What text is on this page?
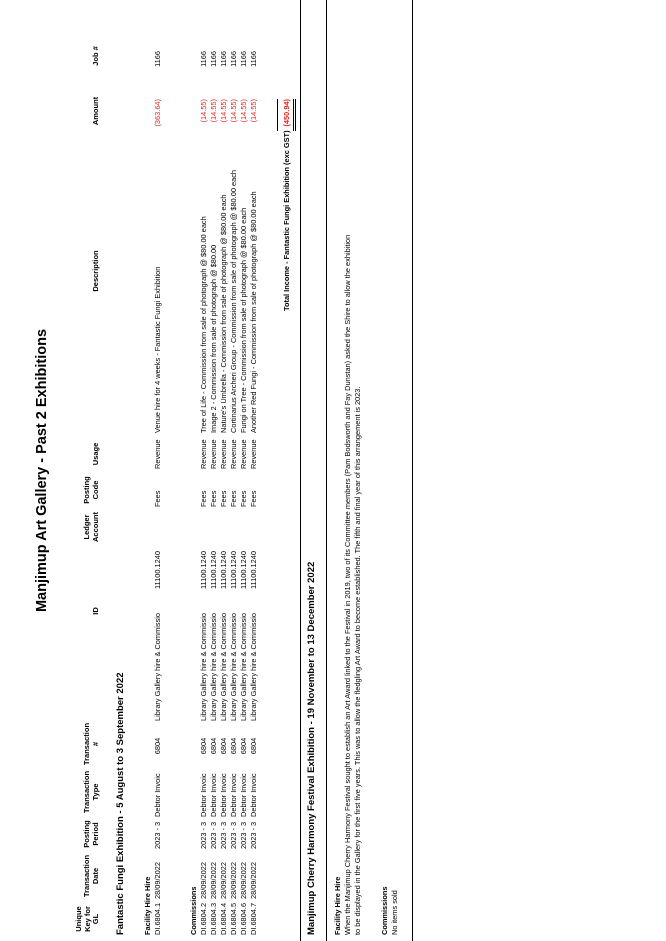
Manjimup Art Gallery - Past 2 Exhibitions
Unique Key for GL
Transaction Date
Posting Period
Transaction Type
Transaction #
ID
Ledger Account
Posting Code
Usage
Description
Amount
Job #
Fantastic Fungi Exhibition - 5 August to 3 September 2022 Facility Hire Hire DI.6804.1
28/09/2022
2023 - 3
Debtor Invoic
6804
Library Gallery hire & Commissio
11100.1240
Fees
Revenue
Venue hire for 4 weeks - Fantastic Fungi Exhibition
(363.64)
1166
Commissions DI.6804.2
28/09/2022
2023 - 3
Debtor Invoic
6804
Library Gallery hire & Commissio
11100.1240
Fees
Revenue
Tree of Life - Commission from sale of photograph @ $80.00 each
(14.55)
1166
DI.6804.3
28/09/2022
2023 - 3
Debtor Invoic
6804
Library Gallery hire & Commissio
11100.1240
Fees
Revenue
Image 2 - Commission from sale of photograph @ $80.00
(14.55)
1166
DI.6804.4
28/09/2022
2023 - 3
Debtor Invoic
6804
Library Gallery hire & Commissio
11100.1240
Fees
Revenue
Nature's Umbrella - Commission from sale of photograph @ $80.00 each
(14.55)
1166
DI.6804.5
28/09/2022
2023 - 3
Debtor Invoic
6804
Library Gallery hire & Commissio
11100.1240
Fees
Revenue
Cortinarius Archeri Group - Commission from sale of photograph @ $80.00 each
(14.55)
1166
DI.6804.6
28/09/2022
2023 - 3
Debtor Invoic
6804
Library Gallery hire & Commissio
11100.1240
Fees
Revenue
Fungi on Tree - Commission from sale of photograph @ $80.00 each
(14.55)
1166
DI.6804.7
28/09/2022
2023 - 3
Debtor Invoic
6804
Library Gallery hire & Commissio
11100.1240
Fees
Revenue
Another Red Fungi - Commission from sale of photograph @ $80.00 each
(14.55)
1166
Total Income - Fantastic Fungi Exhibition (exc GST)
(450.94)
Manjimup Cherry Harmony Festival Exhibition - 19 November to 13 December 2022 Facility Hire Hire When the Manjimup Cherry Harmony Festival sought to establish an Art Award linked to the Festival in 2019, two of its Committee members (Pam Bodsworth and Fay Dunstan) asked the Shire to allow the exhibition to be displayed in the Gallery for the first five years. This was to allow the fledgling Art Award to become established. The fifth and final year of this arrangement is 2023. Commissions No items sold
